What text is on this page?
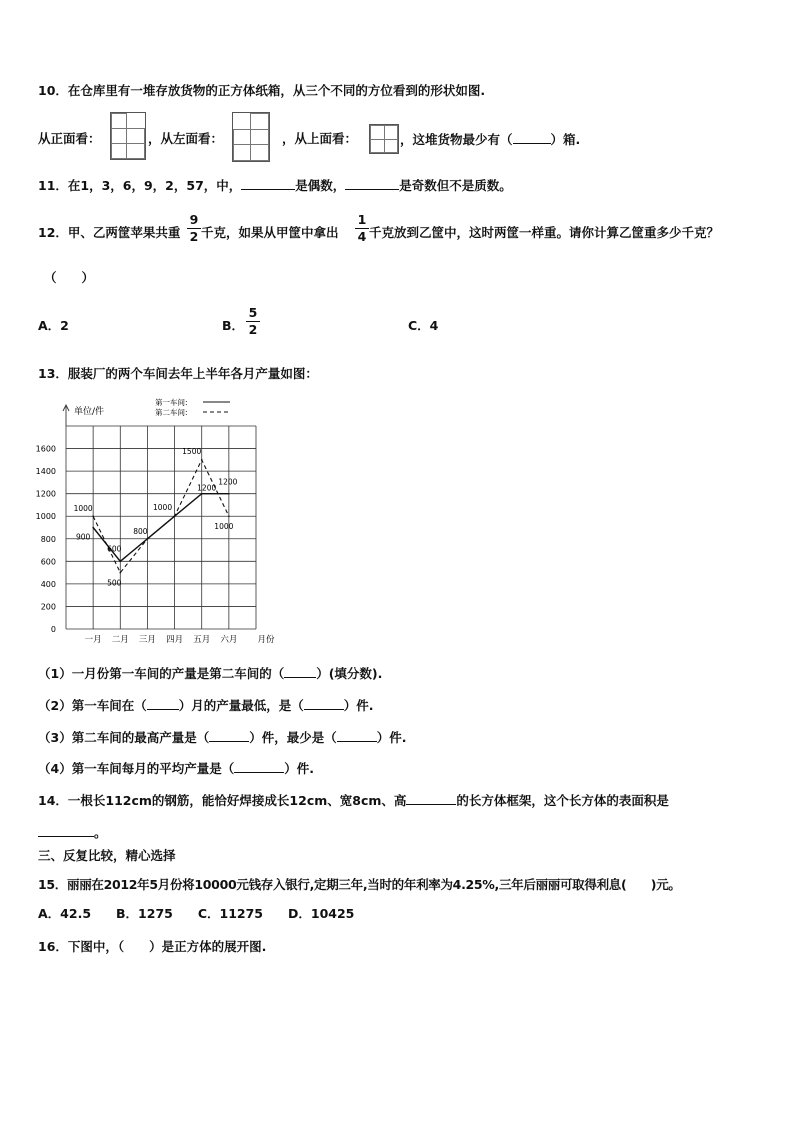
10．在仓库里有一堆存放货物的正方体纸箱，从三个不同的方位看到的形状如图.
从正面看：	，从左面看：	，从上面看：	，这堆货物最少有（	）箱.
11．在1，3，6，9，2，57，中，	是偶数，	是奇数但不是质数。
12．甲、乙两筐苹果共重
9
2 千克，如果从甲筐中拿出
1
4 千克放到乙筐中，这时两筐一样重。请你计算乙筐重多少千克？
（　　）
A．2	B．
5
2	C．4
13．服装厂的两个车间去年上半年各月产量如图：
单位/件
0
200
400
600
800
1000
1200
1400
1600
一月 二月 三月 四月 五月 六月 月份
1000
900
600
500
800
1000
1500
1200
1200
1000
第一车间:
第二车间:
（1）一月份第一车间的产量是第二车间的（	）(填分数).
（2）第一车间在（	）月的产量最低，是（	）件.
（3）第二车间的最高产量是（	）件，最少是（	）件.
（4）第一车间每月的平均产量是（	）件.
14．一根长112cm的钢筋，能恰好焊接成长12cm、宽8cm、高	的长方体框架，这个长方体的表面积是
。
三、反复比较，精心选择
15．丽丽在2012年5月份将10000元钱存入银行,定期三年,当时的年利率为4.25%,三年后丽丽可取得利息(　　)元。
A．42.5　　B．1275　　C．11275　　D．10425
16．下图中，（　　）是正方体的展开图.
